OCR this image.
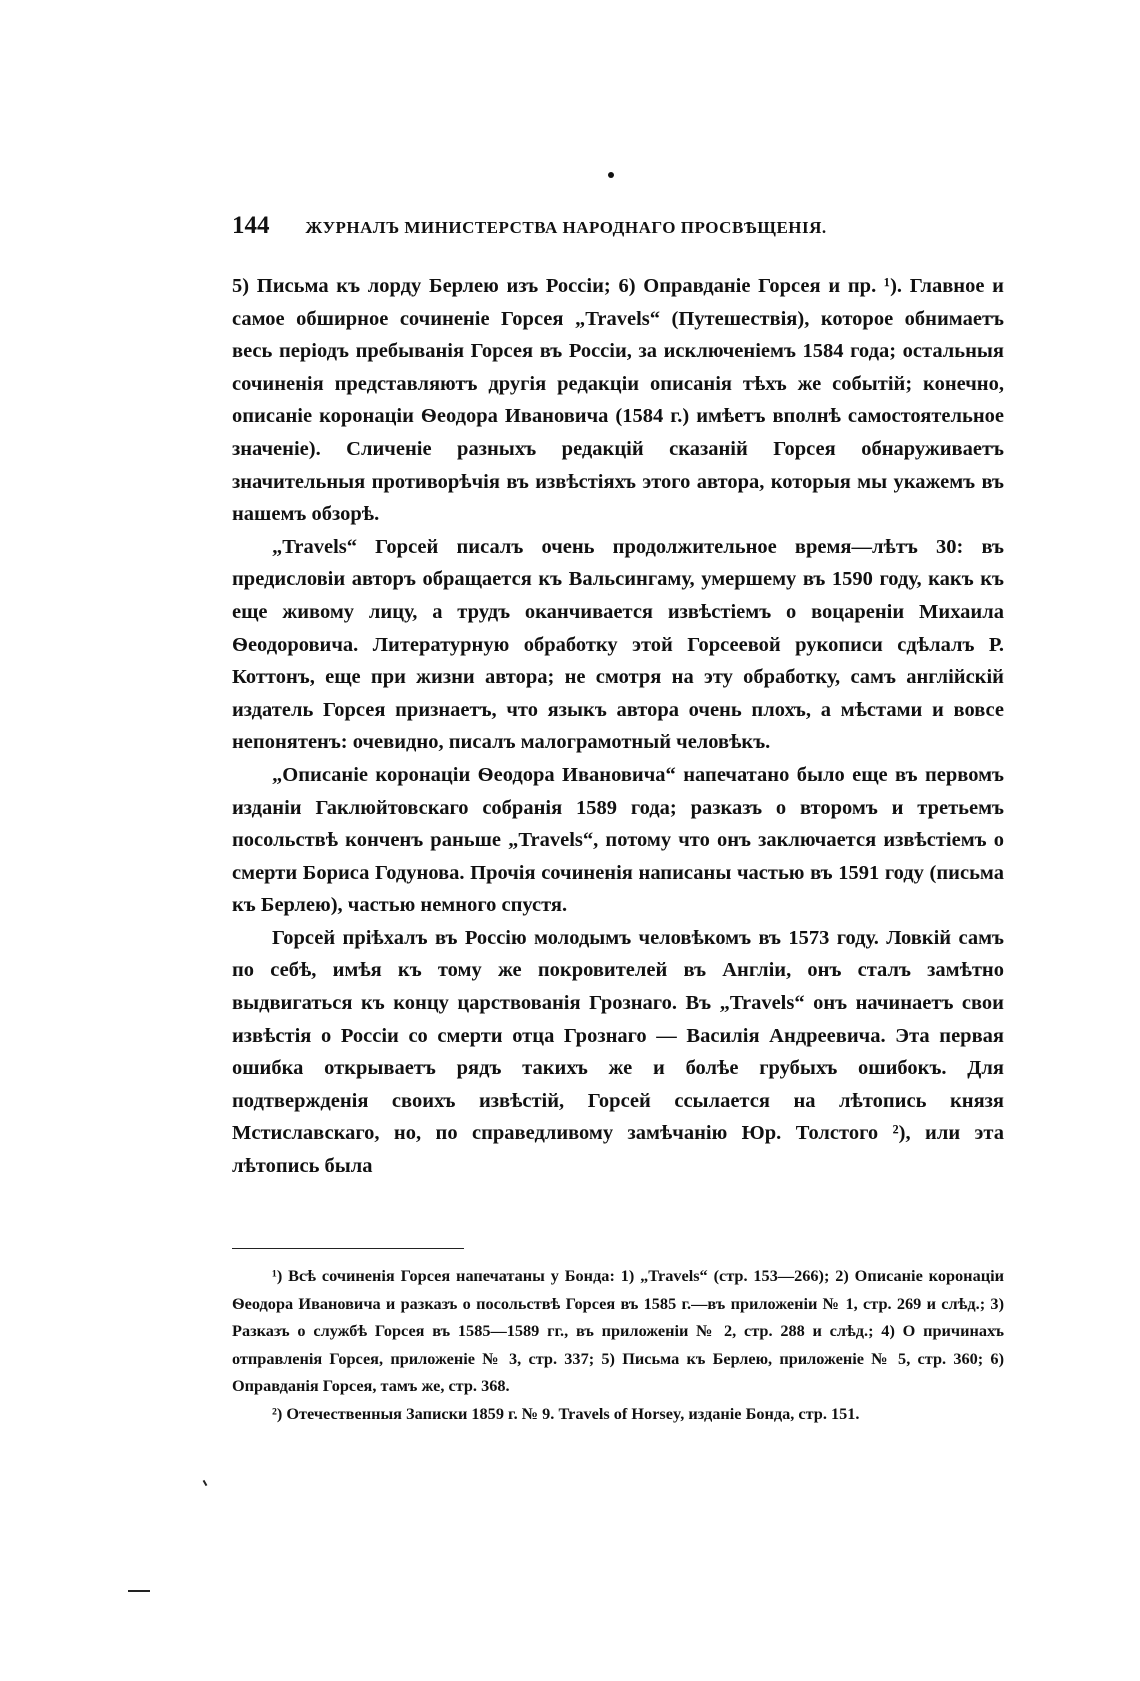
144 ЖУРНАЛЪ МИНИСТЕРСТВА НАРОДНАГО ПРОСВѢЩЕНІЯ.

5) Письма къ лорду Берлею изъ Россіи; 6) Оправданіе Горсея и пр. ¹). Главное и самое обширное сочиненіе Горсея „Travels“ (Путешествія), которое обнимаетъ весь періодъ пребыванія Горсея въ Россіи, за исключеніемъ 1584 года; остальныя сочиненія представляютъ другія редакціи описанія тѣхъ же событій; конечно, описаніе коронаціи Ѳеодора Ивановича (1584 г.) имѣетъ вполнѣ самостоятельное значеніе). Сличеніе разныхъ редакцій сказаній Горсея обнаруживаетъ значительныя противорѣчія въ извѣстіяхъ этого автора, которыя мы укажемъ въ нашемъ обзорѣ.

„Travels“ Горсей писалъ очень продолжительное время—лѣтъ 30: въ предисловіи авторъ обращается къ Вальсингаму, умершему въ 1590 году, какъ къ еще живому лицу, а трудъ оканчивается извѣстіемъ о воцареніи Михаила Ѳеодоровича. Литературную обработку этой Горсеевой рукописи сдѣлалъ Р. Коттонъ, еще при жизни автора; не смотря на эту обработку, самъ англійскій издатель Горсея признаетъ, что языкъ автора очень плохъ, а мѣстами и вовсе непонятенъ: очевидно, писалъ малограмотный человѣкъ.

„Описаніе коронаціи Ѳеодора Ивановича“ напечатано было еще въ первомъ изданіи Гаклюйтовскаго собранія 1589 года; разказъ о второмъ и третьемъ посольствѣ конченъ раньше „Travels“, потому что онъ заключается извѣстіемъ о смерти Бориса Годунова. Прочія сочиненія написаны частью въ 1591 году (письма къ Берлею), частью немного спустя.

Горсей пріѣхалъ въ Россію молодымъ человѣкомъ въ 1573 году. Ловкій самъ по себѣ, имѣя къ тому же покровителей въ Англіи, онъ сталъ замѣтно выдвигаться къ концу царствованія Грознаго. Въ „Travels“ онъ начинаетъ свои извѣстія о Россіи со смерти отца Грознаго — Василія Андреевича. Эта первая ошибка открываетъ рядъ такихъ же и болѣе грубыхъ ошибокъ. Для подтвержденія своихъ извѣстій, Горсей ссылается на лѣтопись князя Мстиславскаго, но, по справедливому замѣчанію Юр. Толстого ²), или эта лѣтопись была

¹) Всѣ сочиненія Горсея напечатаны у Бонда: 1) „Travels“ (стр. 153—266); 2) Описаніе коронаціи Ѳеодора Ивановича и разказъ о посольствѣ Горсея въ 1585 г.—въ приложеніи № 1, стр. 269 и слѣд.; 3) Разказъ о службѣ Горсея въ 1585—1589 гг., въ приложеніи № 2, стр. 288 и слѣд.; 4) О причинахъ отправленія Горсея, приложеніе № 3, стр. 337; 5) Письма къ Берлею, приложеніе № 5, стр. 360; 6) Оправданія Горсея, тамъ же, стр. 368.

²) Отечественныя Записки 1859 г. № 9. Travels of Horsey, изданіе Бонда, стр. 151.
